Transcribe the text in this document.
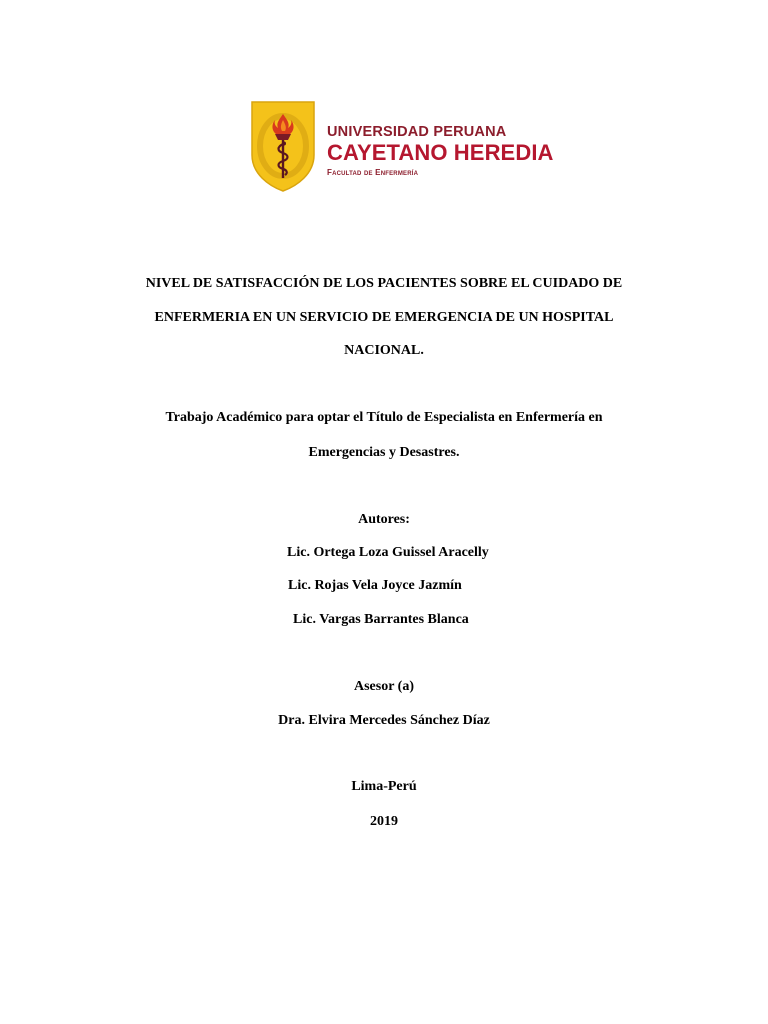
UNIVERSIDAD PERUANA
CAYETANO HEREDIA
Facultad de Enfermería
NIVEL DE SATISFACCIÓN DE LOS PACIENTES SOBRE EL CUIDADO DE
ENFERMERIA EN UN SERVICIO DE EMERGENCIA DE UN HOSPITAL
NACIONAL.
Trabajo Académico para optar el Título de Especialista en Enfermería en
Emergencias y Desastres.
Autores:
Lic. Ortega Loza Guissel Aracelly
Lic. Rojas Vela Joyce Jazmín
Lic. Vargas Barrantes Blanca
Asesor (a)
Dra. Elvira Mercedes Sánchez Díaz
Lima-Perú
2019
